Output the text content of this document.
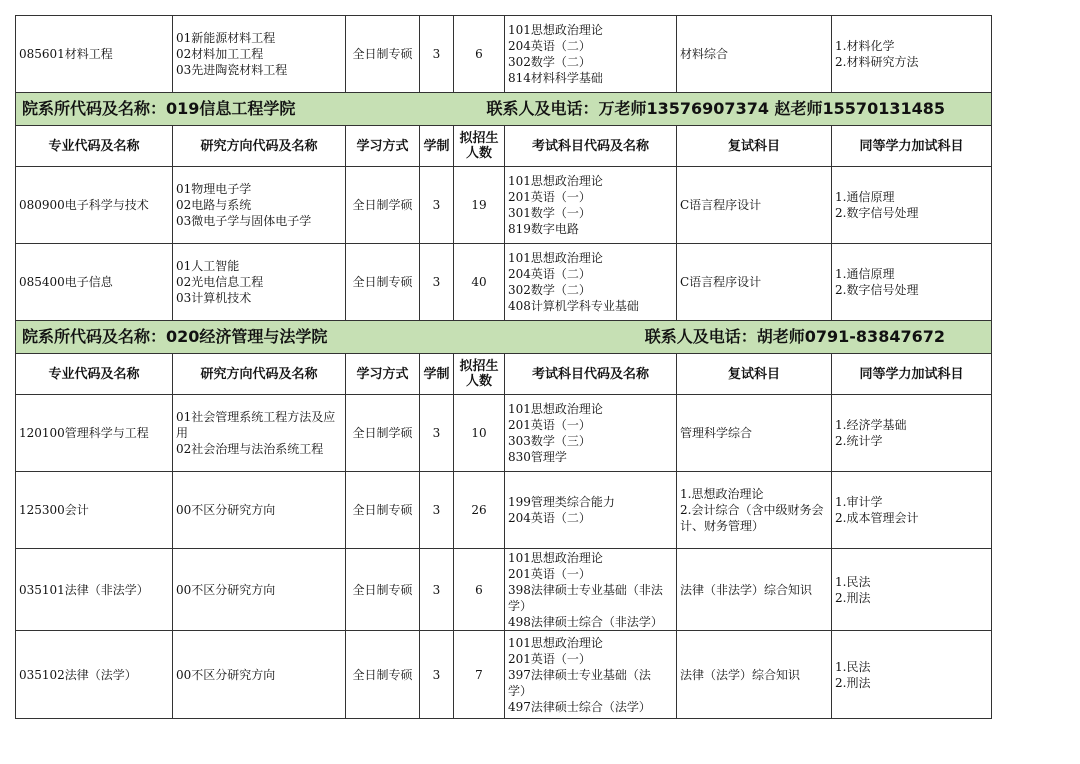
085601材料工程	01新能源材料工程
02材料加工工程
03先进陶瓷材料工程	全日制专硕	3	6	101思想政治理论
204英语（二）
302数学（二）
814材料科学基础	材料综合	1.材料化学
2.材料研究方法

院系所代码及名称：019信息工程学院 联系人及电话：万老师13576907374 赵老师15570131485							

专业代码及名称	研究方向代码及名称	学习方式	学制	拟招生
人数	考试科目代码及名称	复试科目	同等学力加试科目
080900电子科学与技术	01物理电子学
02电路与系统
03微电子学与固体电子学	全日制学硕	3	19	101思想政治理论
201英语（一）
301数学（一）
819数字电路	C语言程序设计	1.通信原理
2.数字信号处理
085400电子信息	01人工智能
02光电信息工程
03计算机技术	全日制专硕	3	40	101思想政治理论
204英语（二）
302数学（二）
408计算机学科专业基础	C语言程序设计	1.通信原理
2.数字信号处理

院系所代码及名称：020经济管理与法学院 联系人及电话：胡老师0791-83847672							

专业代码及名称	研究方向代码及名称	学习方式	学制	拟招生
人数	考试科目代码及名称	复试科目	同等学力加试科目
120100管理科学与工程	01社会管理系统工程方法及应用
02社会治理与法治系统工程	全日制学硕	3	10	101思想政治理论
201英语（一）
303数学（三）
830管理学	管理科学综合	1.经济学基础
2.统计学
125300会计	00不区分研究方向	全日制专硕	3	26	199管理类综合能力
204英语（二）	1.思想政治理论
2.会计综合（含中级财务会计、财务管理）	1.审计学
2.成本管理会计
035101法律（非法学）	00不区分研究方向	全日制专硕	3	6	101思想政治理论
201英语（一）
398法律硕士专业基础（非法学）
498法律硕士综合（非法学）	法律（非法学）综合知识	1.民法
2.刑法
035102法律（法学）	00不区分研究方向	全日制专硕	3	7	101思想政治理论
201英语（一）
397法律硕士专业基础（法学）
497法律硕士综合（法学）	法律（法学）综合知识	1.民法
2.刑法
